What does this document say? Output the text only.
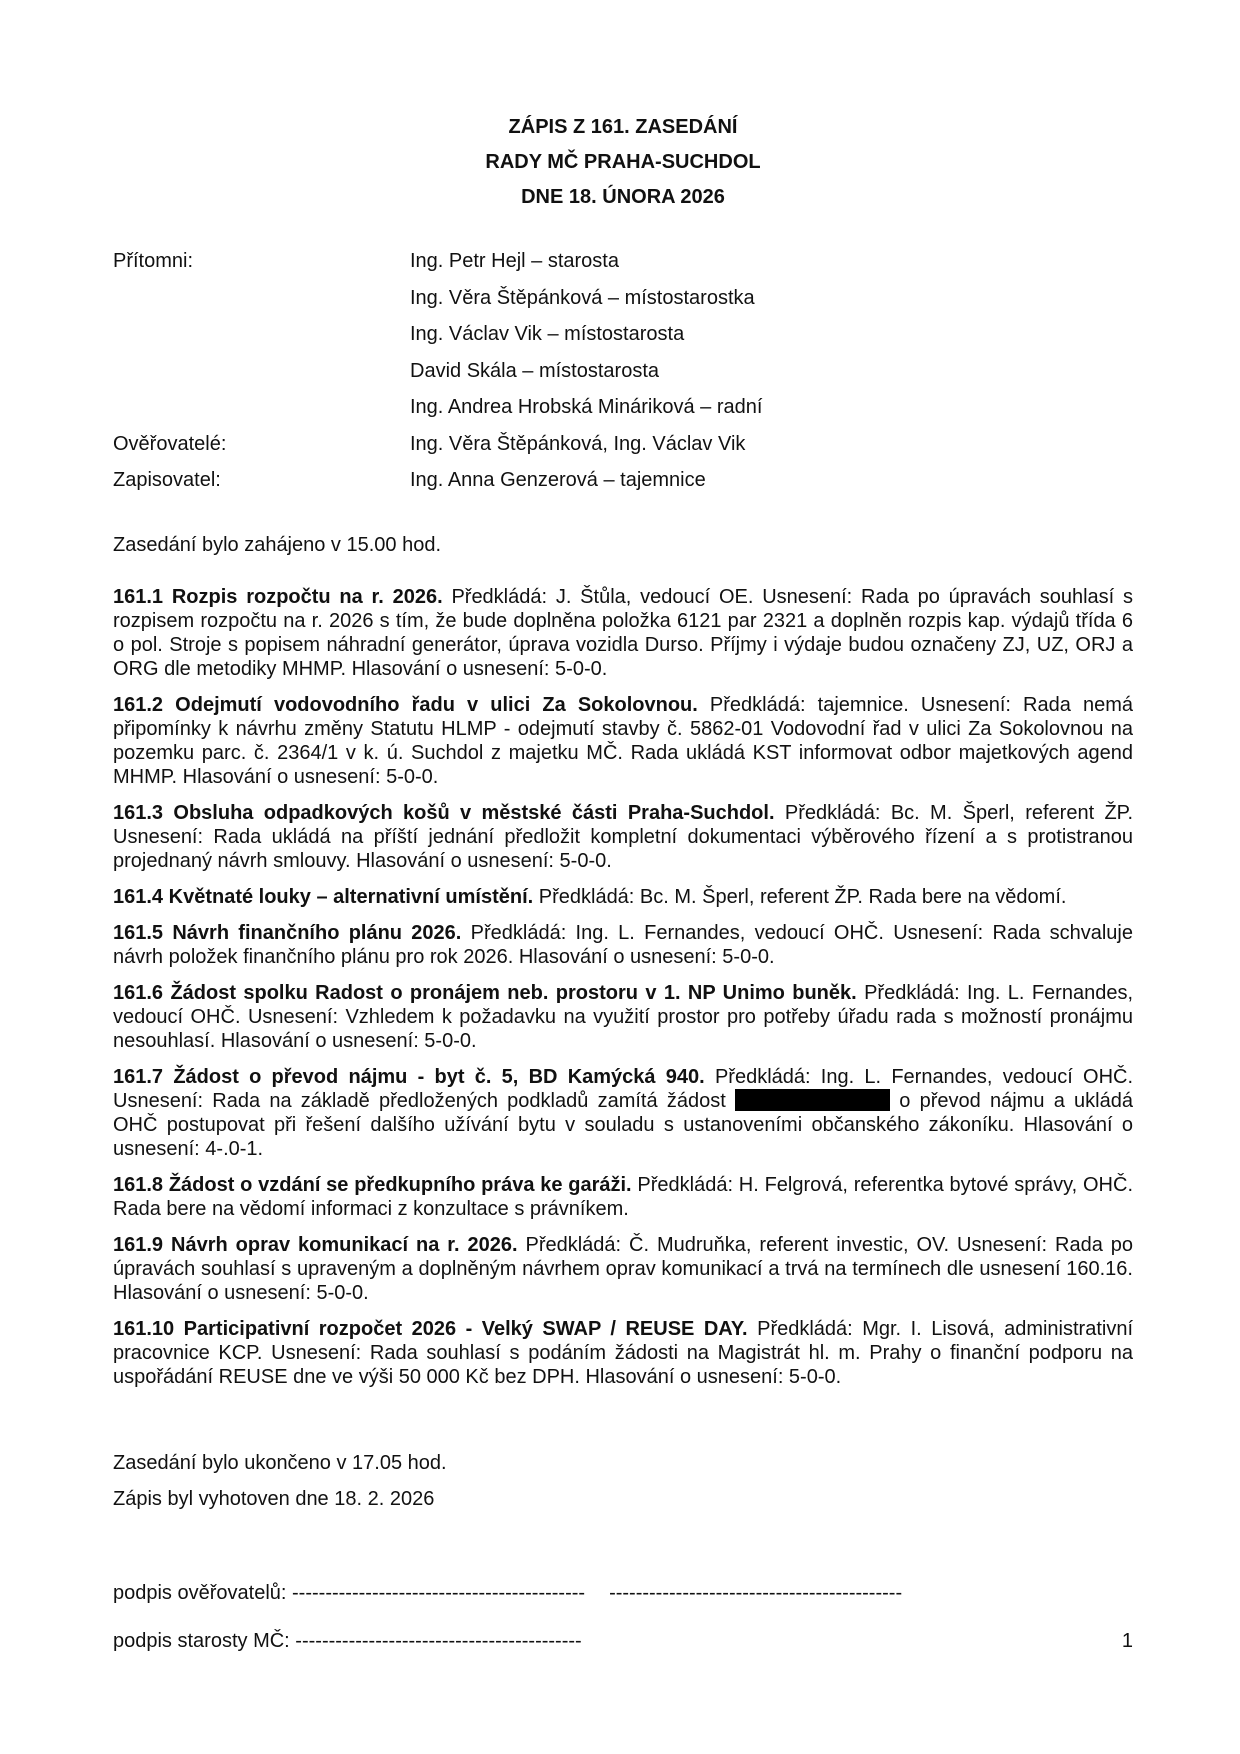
ZÁPIS Z 161. ZASEDÁNÍ
RADY MČ PRAHA-SUCHDOL
DNE 18. ÚNORA 2026
Přítomni:	Ing. Petr Hejl – starosta
Ing. Věra Štěpánková – místostarostka
Ing. Václav Vik – místostarosta
David Skála – místostarosta
Ing. Andrea Hrobská Mináriková – radní
Ověřovatelé:	Ing. Věra Štěpánková, Ing. Václav Vik
Zapisovatel:	Ing. Anna Genzerová – tajemnice
Zasedání bylo zahájeno v 15.00 hod.

161.1 Rozpis rozpočtu na r. 2026. Předkládá: J. Štůla, vedoucí OE. Usnesení: Rada po úpravách souhlasí s rozpisem rozpočtu na r. 2026 s tím, že bude doplněna položka 6121 par 2321 a doplněn rozpis kap. výdajů třída 6 o pol. Stroje s popisem náhradní generátor, úprava vozidla Durso. Příjmy i výdaje budou označeny ZJ, UZ, ORJ a ORG dle metodiky MHMP. Hlasování o usnesení: 5-0-0.

161.2 Odejmutí vodovodního řadu v ulici Za Sokolovnou. Předkládá: tajemnice. Usnesení: Rada nemá připomínky k návrhu změny Statutu HLMP - odejmutí stavby č. 5862-01 Vodovodní řad v ulici Za Sokolovnou na pozemku parc. č. 2364/1 v k. ú. Suchdol z majetku MČ. Rada ukládá KST informovat odbor majetkových agend MHMP. Hlasování o usnesení: 5-0-0.

161.3 Obsluha odpadkových košů v městské části Praha-Suchdol. Předkládá: Bc. M. Šperl, referent ŽP. Usnesení: Rada ukládá na příští jednání předložit kompletní dokumentaci výběrového řízení a s protistranou projednaný návrh smlouvy. Hlasování o usnesení: 5-0-0.

161.4 Květnaté louky – alternativní umístění. Předkládá: Bc. M. Šperl, referent ŽP. Rada bere na vědomí.

161.5 Návrh finančního plánu 2026. Předkládá: Ing. L. Fernandes, vedoucí OHČ. Usnesení: Rada schvaluje návrh položek finančního plánu pro rok 2026. Hlasování o usnesení: 5-0-0.

161.6 Žádost spolku Radost o pronájem neb. prostoru v 1. NP Unimo buněk. Předkládá: Ing. L. Fernandes, vedoucí OHČ. Usnesení: Vzhledem k požadavku na využití prostor pro potřeby úřadu rada s možností pronájmu nesouhlasí. Hlasování o usnesení: 5-0-0.

161.7 Žádost o převod nájmu - byt č. 5, BD Kamýcká 940. Předkládá: Ing. L. Fernandes, vedoucí OHČ. Usnesení: Rada na základě předložených podkladů zamítá žádost	o převod nájmu a ukládá OHČ postupovat při řešení dalšího užívání bytu v souladu s ustanoveními občanského zákoníku. Hlasování o usnesení: 4-.0-1.

161.8 Žádost o vzdání se předkupního práva ke garáži. Předkládá: H. Felgrová, referentka bytové správy, OHČ. Rada bere na vědomí informaci z konzultace s právníkem.

161.9 Návrh oprav komunikací na r. 2026. Předkládá: Č. Mudruňka, referent investic, OV. Usnesení: Rada po úpravách souhlasí s upraveným a doplněným návrhem oprav komunikací a trvá na termínech dle usnesení 160.16. Hlasování o usnesení: 5-0-0.

161.10 Participativní rozpočet 2026 - Velký SWAP / REUSE DAY. Předkládá: Mgr. I. Lisová, administrativní pracovnice KCP. Usnesení: Rada souhlasí s podáním žádosti na Magistrát hl. m. Prahy o finanční podporu na uspořádání REUSE dne ve výši 50 000 Kč bez DPH. Hlasování o usnesení: 5-0-0.

Zasedání bylo ukončeno v 17.05 hod.
Zápis byl vyhotoven dne 18. 2. 2026
podpis ověřovatelů:
-------------------------------------------- --------------------------------------------
podpis starosty MČ:
-------------------------------------------	1
